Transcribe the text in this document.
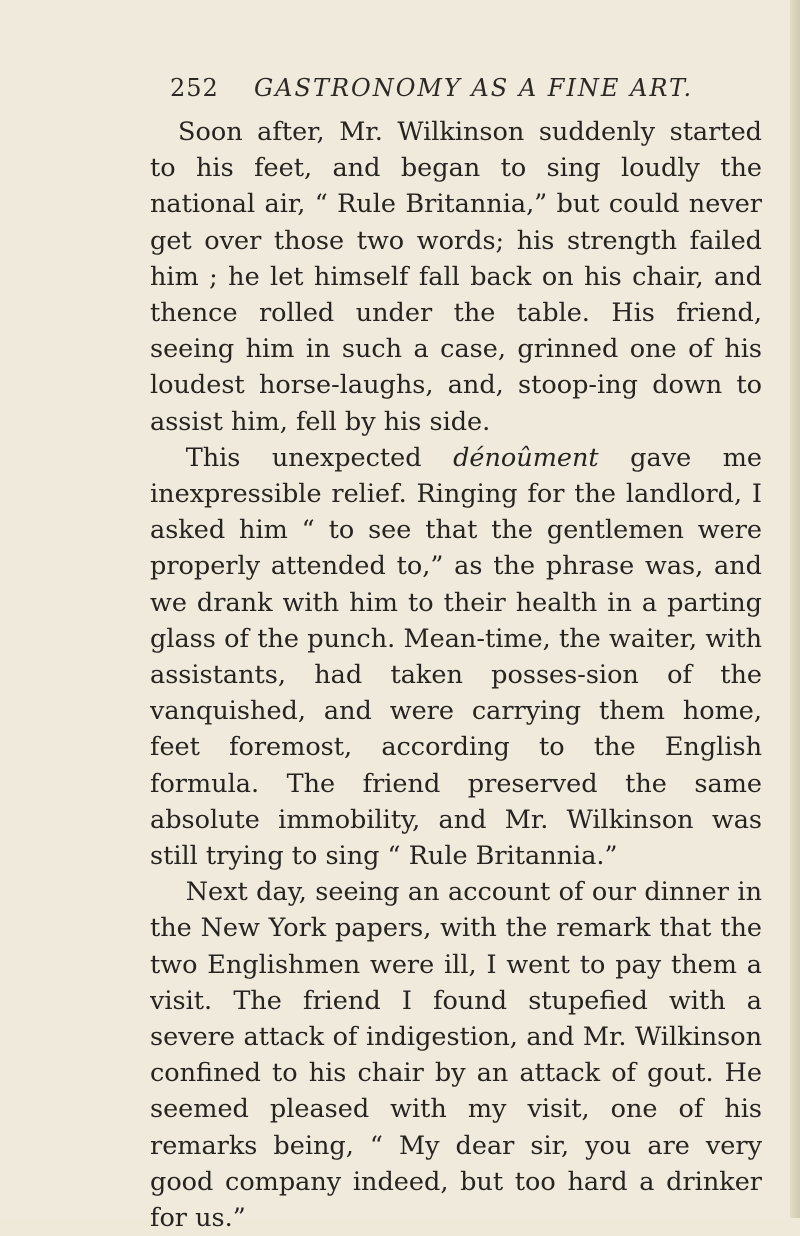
252 GASTRONOMY AS A FINE ART.

Soon after, Mr. Wilkinson suddenly started to his feet, and began to sing loudly the national air, “ Rule Britannia,” but could never get over those two words; his strength failed him ; he let himself fall back on his chair, and thence rolled under the table. His friend, seeing him in such a case, grinned one of his loudest horse-laughs, and, stoop-ing down to assist him, fell by his side.

This unexpected dénoûment gave me inexpressible relief. Ringing for the landlord, I asked him “ to see that the gentlemen were properly attended to,” as the phrase was, and we drank with him to their health in a parting glass of the punch. Mean-time, the waiter, with assistants, had taken posses-sion of the vanquished, and were carrying them home, feet foremost, according to the English formula. The friend preserved the same absolute immobility, and Mr. Wilkinson was still trying to sing “ Rule Britannia.”

Next day, seeing an account of our dinner in the New York papers, with the remark that the two Englishmen were ill, I went to pay them a visit. The friend I found stupefied with a severe attack of indigestion, and Mr. Wilkinson confined to his chair by an attack of gout. He seemed pleased with my visit, one of his remarks being, “ My dear sir, you are very good company indeed, but too hard a drinker for us.”
